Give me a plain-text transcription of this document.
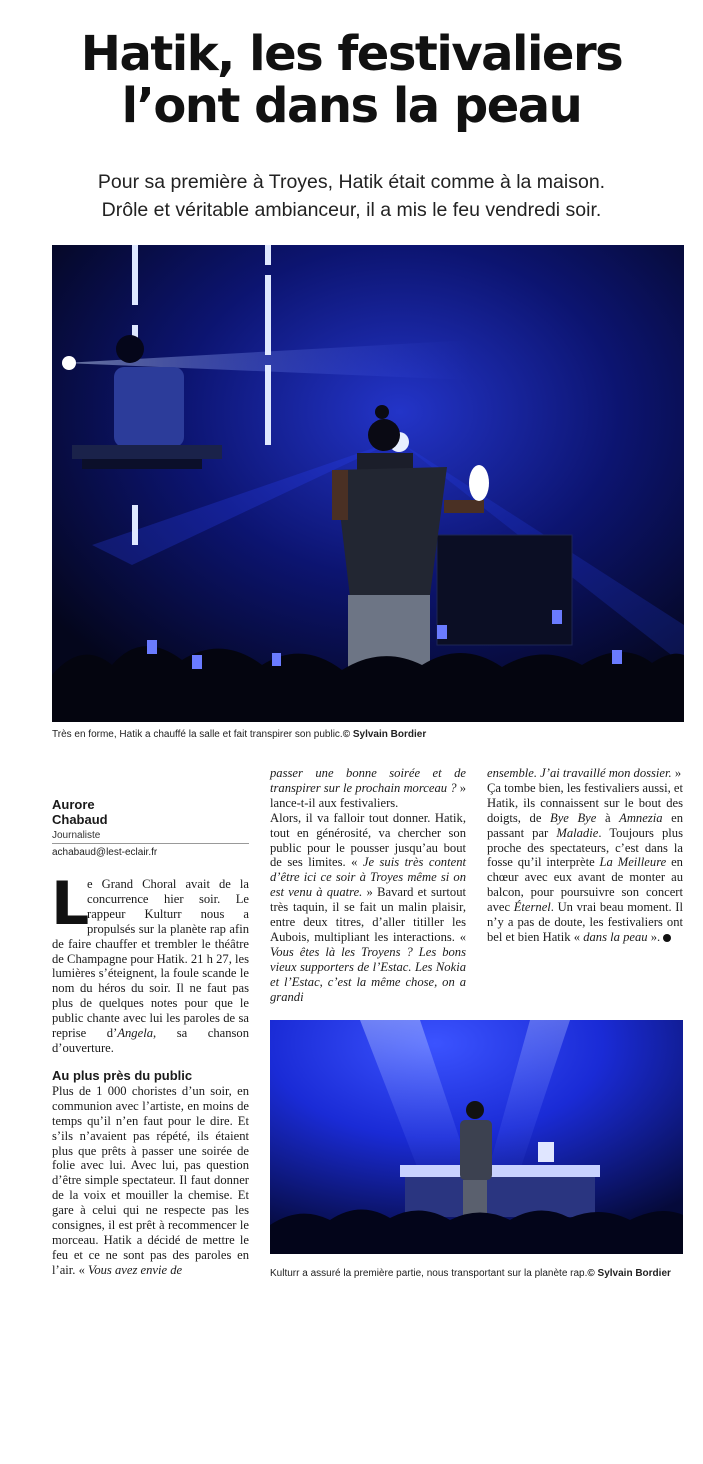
Hatik, les festivaliers
l’ont dans la peau
Pour sa première à Troyes, Hatik était comme à la maison.
Drôle et véritable ambianceur, il a mis le feu vendredi soir.
Très en forme, Hatik a chauffé la salle et fait transpirer son public.© Sylvain Bordier
Aurore
Chabaud
Journaliste
achabaud@lest-eclair.fr

L
e Grand Choral avait de la concurrence hier soir. Le rappeur Kulturr nous a propulsés sur la planète rap afin de faire chauffer et trembler le théâtre de Champagne pour Hatik. 21 h 27, les lumières s’éteignent, la foule scande le nom du héros du soir. Il ne faut pas plus de quelques notes pour que le public chante avec lui les paroles de sa reprise d’Angela, sa chanson d’ouverture.

Au plus près du public

Plus de 1 000 choristes d’un soir, en communion avec l’artiste, en moins de temps qu’il n’en faut pour le dire. Et s’ils n’avaient pas répété, ils étaient plus que prêts à passer une soirée de folie avec lui. Avec lui, pas question d’être simple spectateur. Il faut donner de la voix et mouiller la chemise. Et gare à celui qui ne respecte pas les consignes, il est prêt à recommencer le morceau. Hatik a décidé de mettre le feu et ce ne sont pas des paroles en l’air. « Vous avez envie de

passer une bonne soirée et de transpirer sur le prochain morceau ? » lance-t-il aux festivaliers.

Alors, il va falloir tout donner. Hatik, tout en générosité, va chercher son public pour le pousser jusqu’au bout de ses limites. « Je suis très content d’être ici ce soir à Troyes même si on est venu à quatre. » Bavard et surtout très taquin, il se fait un malin plaisir, entre deux titres, d’aller titiller les Aubois, multipliant les interactions. « Vous êtes là les Troyens ? Les bons vieux supporters de l’Estac. Les Nokia et l’Estac, c’est la même chose, on a grandi

ensemble. J’ai travaillé mon dossier. »

Ça tombe bien, les festivaliers aussi, et Hatik, ils connaissent sur le bout des doigts, de Bye Bye à Amnezia en passant par Maladie. Toujours plus proche des spectateurs, c’est dans la fosse qu’il interprète La Meilleure en chœur avec eux avant de monter au balcon, pour poursuivre son concert avec Éternel. Un vrai beau moment. Il n’y a pas de doute, les festivaliers ont bel et bien Hatik « dans la peau ».

Kulturr a assuré la première partie, nous transportant sur la planète rap.© Sylvain Bordier
